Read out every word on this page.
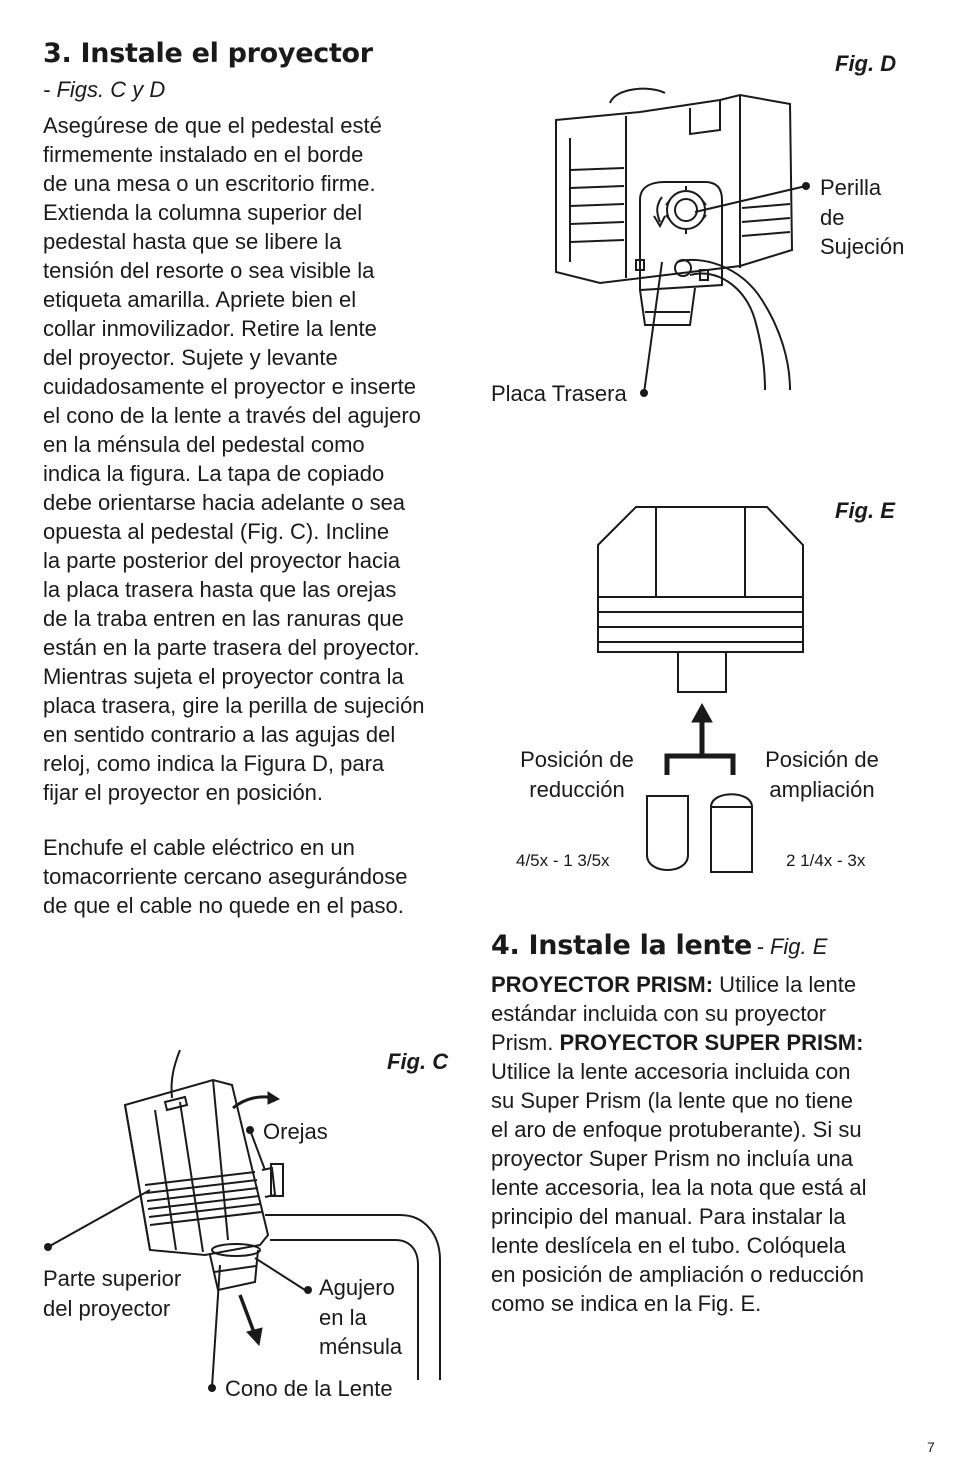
3. Instale el proyector
- Figs. C y D

Asegúrese de que el pedestal esté

firmemente instalado en el borde

de una mesa o un escritorio firme.

Extienda la columna superior del

pedestal hasta que se libere la

tensión del resorte o sea visible la

etiqueta amarilla. Apriete bien el

collar inmovilizador. Retire la lente

del proyector. Sujete y levante

cuidadosamente el proyector e inserte

el cono de la lente a través del agujero

en la ménsula del pedestal como

indica la figura. La tapa de copiado

debe orientarse hacia adelante o sea

opuesta al pedestal (Fig. C). Incline

la parte posterior del proyector hacia

la placa trasera hasta que las orejas

de la traba entren en las ranuras que

están en la parte trasera del proyector.

Mientras sujeta el proyector contra la

placa trasera, gire la perilla de sujeción

en sentido contrario a las agujas del

reloj, como indica la Figura D, para

fijar el proyector en posición.

Enchufe el cable eléctrico en un

tomacorriente cercano asegurándose

de que el cable no quede en el paso.

Fig. D
Perilla
de
Sujeción
Placa Trasera
Fig. E
Posición de
reducción
Posición de
ampliación
4/5x - 1 3/5x	2 1/4x - 3x
Fig. C
Orejas
Parte superior
del proyector
Agujero
en la
ménsula
Cono de la Lente
4. Instale la lente - Fig. E

PROYECTOR PRISM: Utilice la lente

estándar incluida con su proyector

Prism. PROYECTOR SUPER PRISM:

Utilice la lente accesoria incluida con

su Super Prism (la lente que no tiene

el aro de enfoque protuberante). Si su

proyector Super Prism no incluía una

lente accesoria, lea la nota que está al

principio del manual. Para instalar la

lente deslícela en el tubo. Colóquela

en posición de ampliación o reducción

como se indica en la Fig. E.

7
